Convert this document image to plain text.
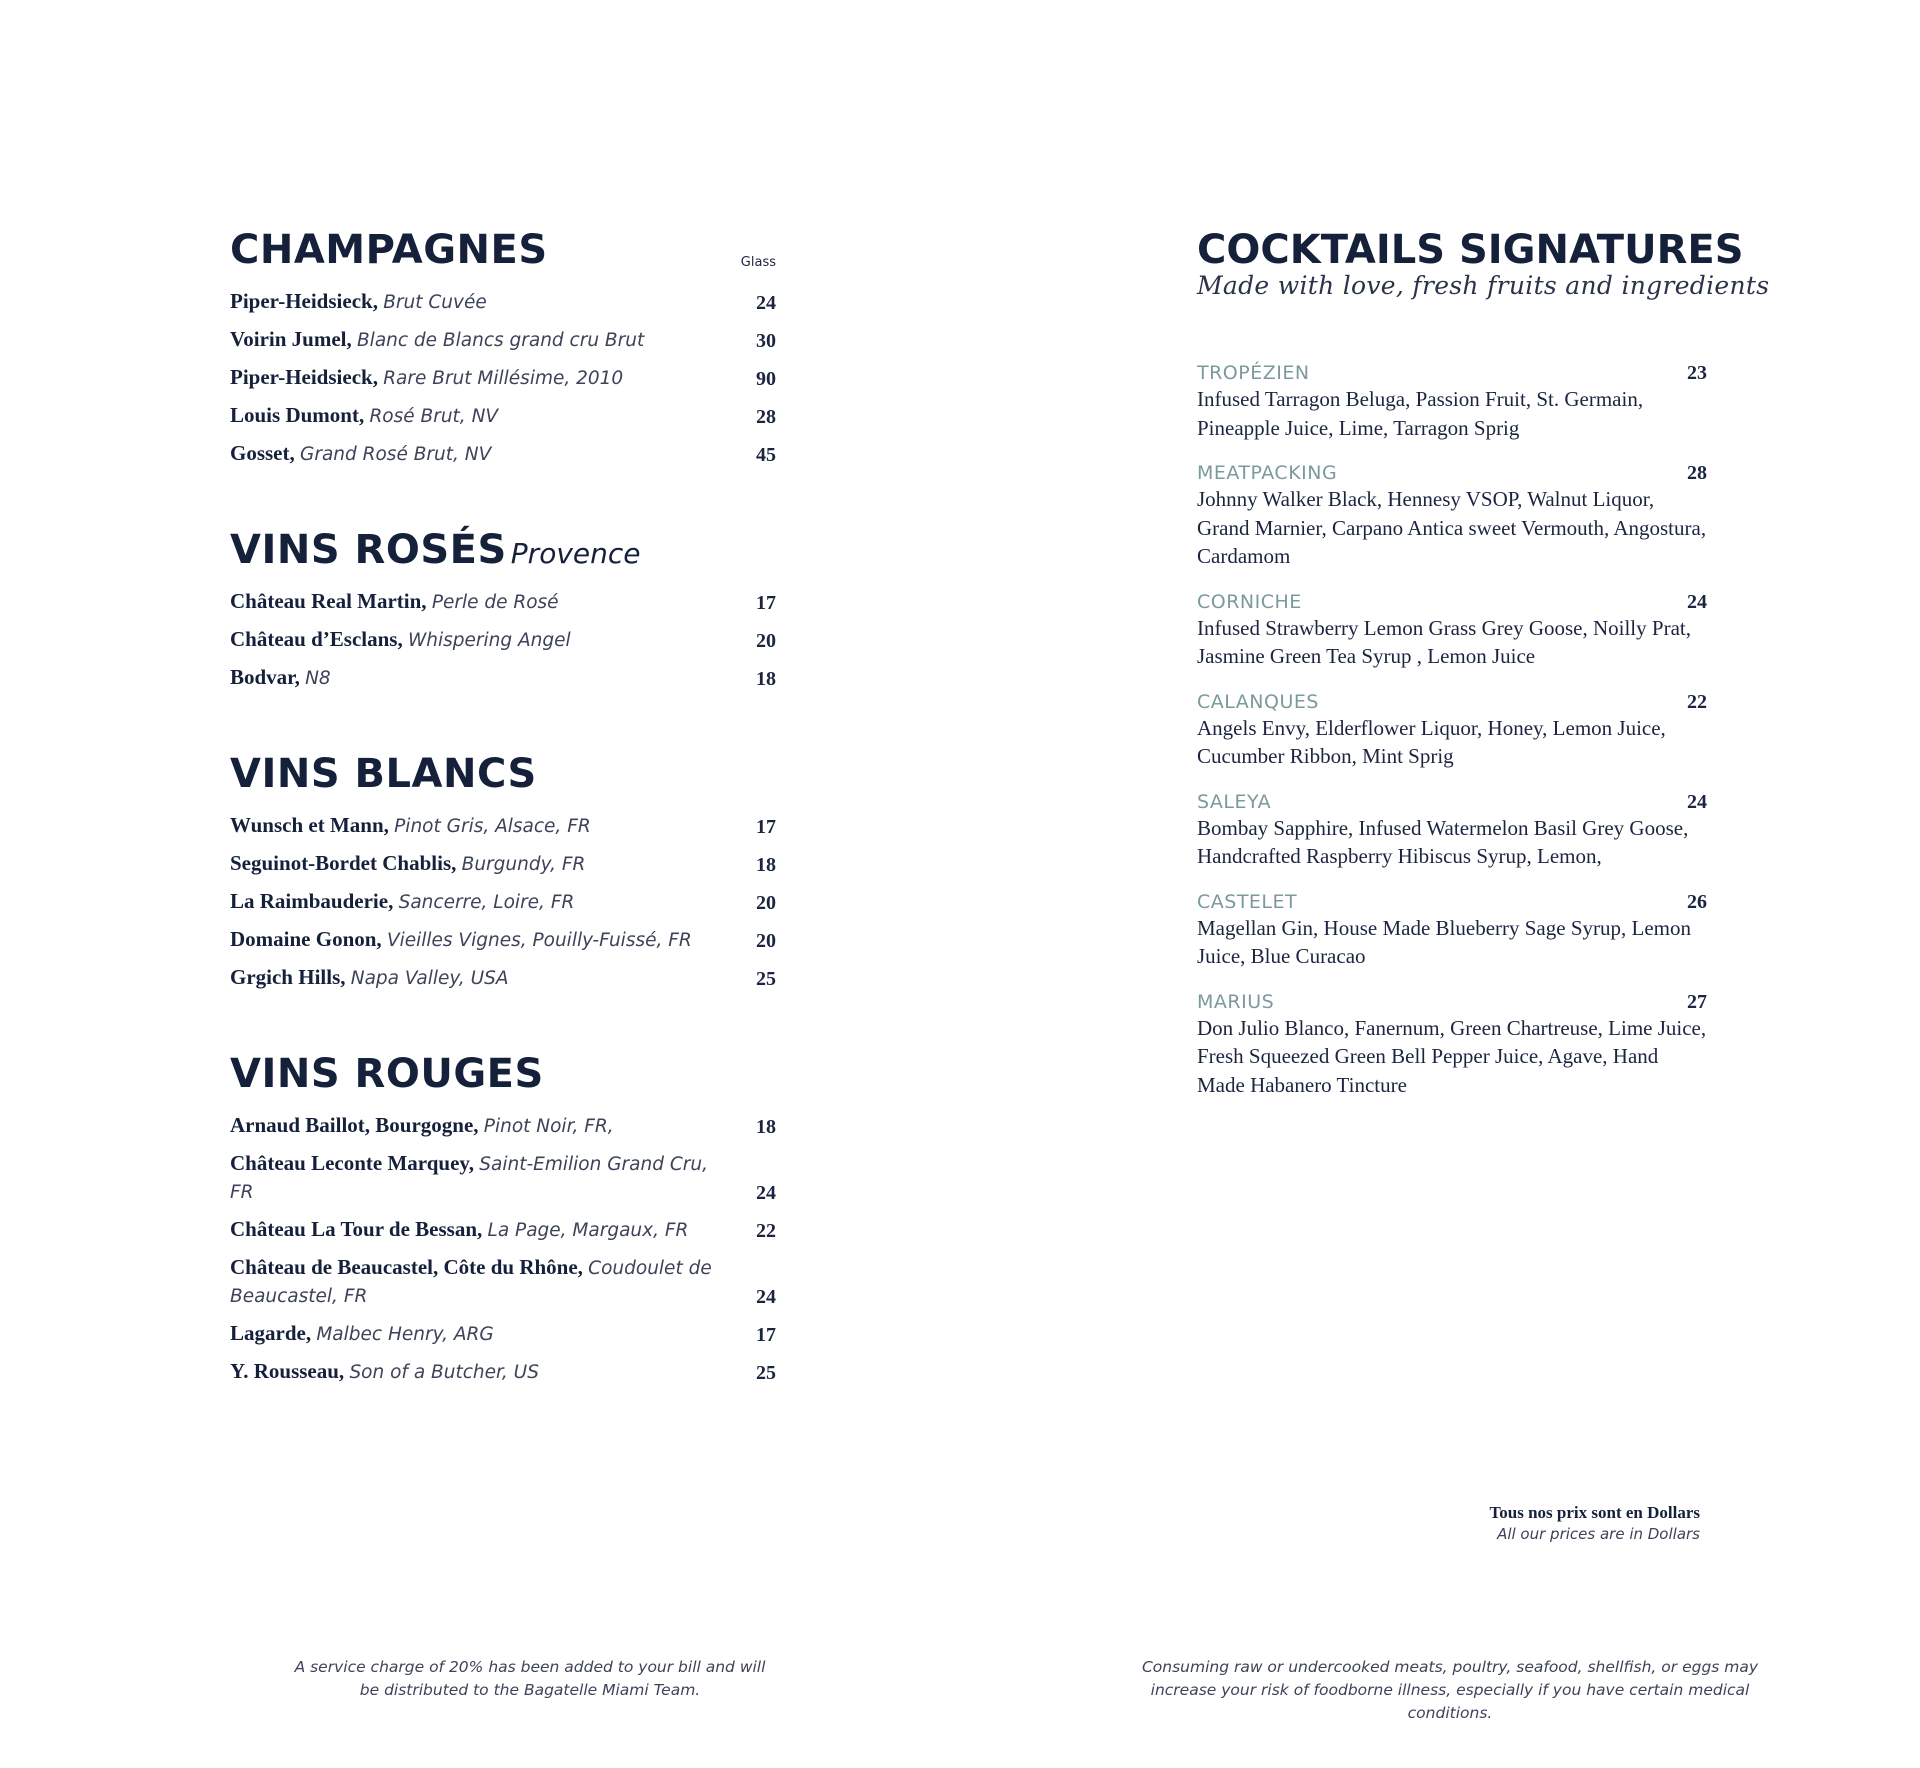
CHAMPAGNES	Glass
Piper-Heidsieck, Brut Cuvée	24
Voirin Jumel, Blanc de Blancs grand cru Brut	30
Piper-Heidsieck, Rare Brut Millésime, 2010	90
Louis Dumont, Rosé Brut, NV	28
Gosset, Grand Rosé Brut, NV	45
VINS ROSÉS Provence
Château Real Martin, Perle de Rosé	17
Château d’Esclans, Whispering Angel	20
Bodvar, N8	18
VINS BLANCS
Wunsch et Mann, Pinot Gris, Alsace, FR	17
Seguinot-Bordet Chablis, Burgundy, FR	18
La Raimbauderie, Sancerre, Loire, FR	20
Domaine Gonon, Vieilles Vignes, Pouilly-Fuissé, FR	20
Grgich Hills, Napa Valley, USA	25
VINS ROUGES
Arnaud Baillot, Bourgogne, Pinot Noir, FR,	18
Château Leconte Marquey, Saint-Emilion Grand Cru, FR	24
Château La Tour de Bessan, La Page, Margaux, FR	22
Château de Beaucastel, Côte du Rhône, Coudoulet de Beaucastel, FR	24
Lagarde, Malbec Henry, ARG	17
Y. Rousseau, Son of a Butcher, US	25
COCKTAILS SIGNATURES
Made with love, fresh fruits and ingredients
TROPÉZIEN	23
Infused Tarragon Beluga, Passion Fruit, St. Germain, Pineapple Juice, Lime, Tarragon Sprig
MEATPACKING	28
Johnny Walker Black, Hennesy VSOP, Walnut Liquor, Grand Marnier, Carpano Antica sweet Vermouth, Angostura, Cardamom
CORNICHE	24
Infused Strawberry Lemon Grass Grey Goose, Noilly Prat, Jasmine Green Tea Syrup , Lemon Juice
CALANQUES	22
Angels Envy, Elderflower Liquor, Honey, Lemon Juice, Cucumber Ribbon, Mint Sprig
SALEYA	24
Bombay Sapphire, Infused Watermelon Basil Grey Goose, Handcrafted Raspberry Hibiscus Syrup, Lemon,
CASTELET	26
Magellan Gin, House Made Blueberry Sage Syrup, Lemon Juice, Blue Curacao
MARIUS	27
Don Julio Blanco, Fanernum, Green Chartreuse, Lime Juice, Fresh Squeezed Green Bell Pepper Juice, Agave, Hand Made Habanero Tincture
Tous nos prix sont en Dollars
All our prices are in Dollars
A service charge of 20% has been added to your bill and will be distributed to the Bagatelle Miami Team.
Consuming raw or undercooked meats, poultry, seafood, shellfish, or eggs may increase your risk of foodborne illness, especially if you have certain medical conditions.
